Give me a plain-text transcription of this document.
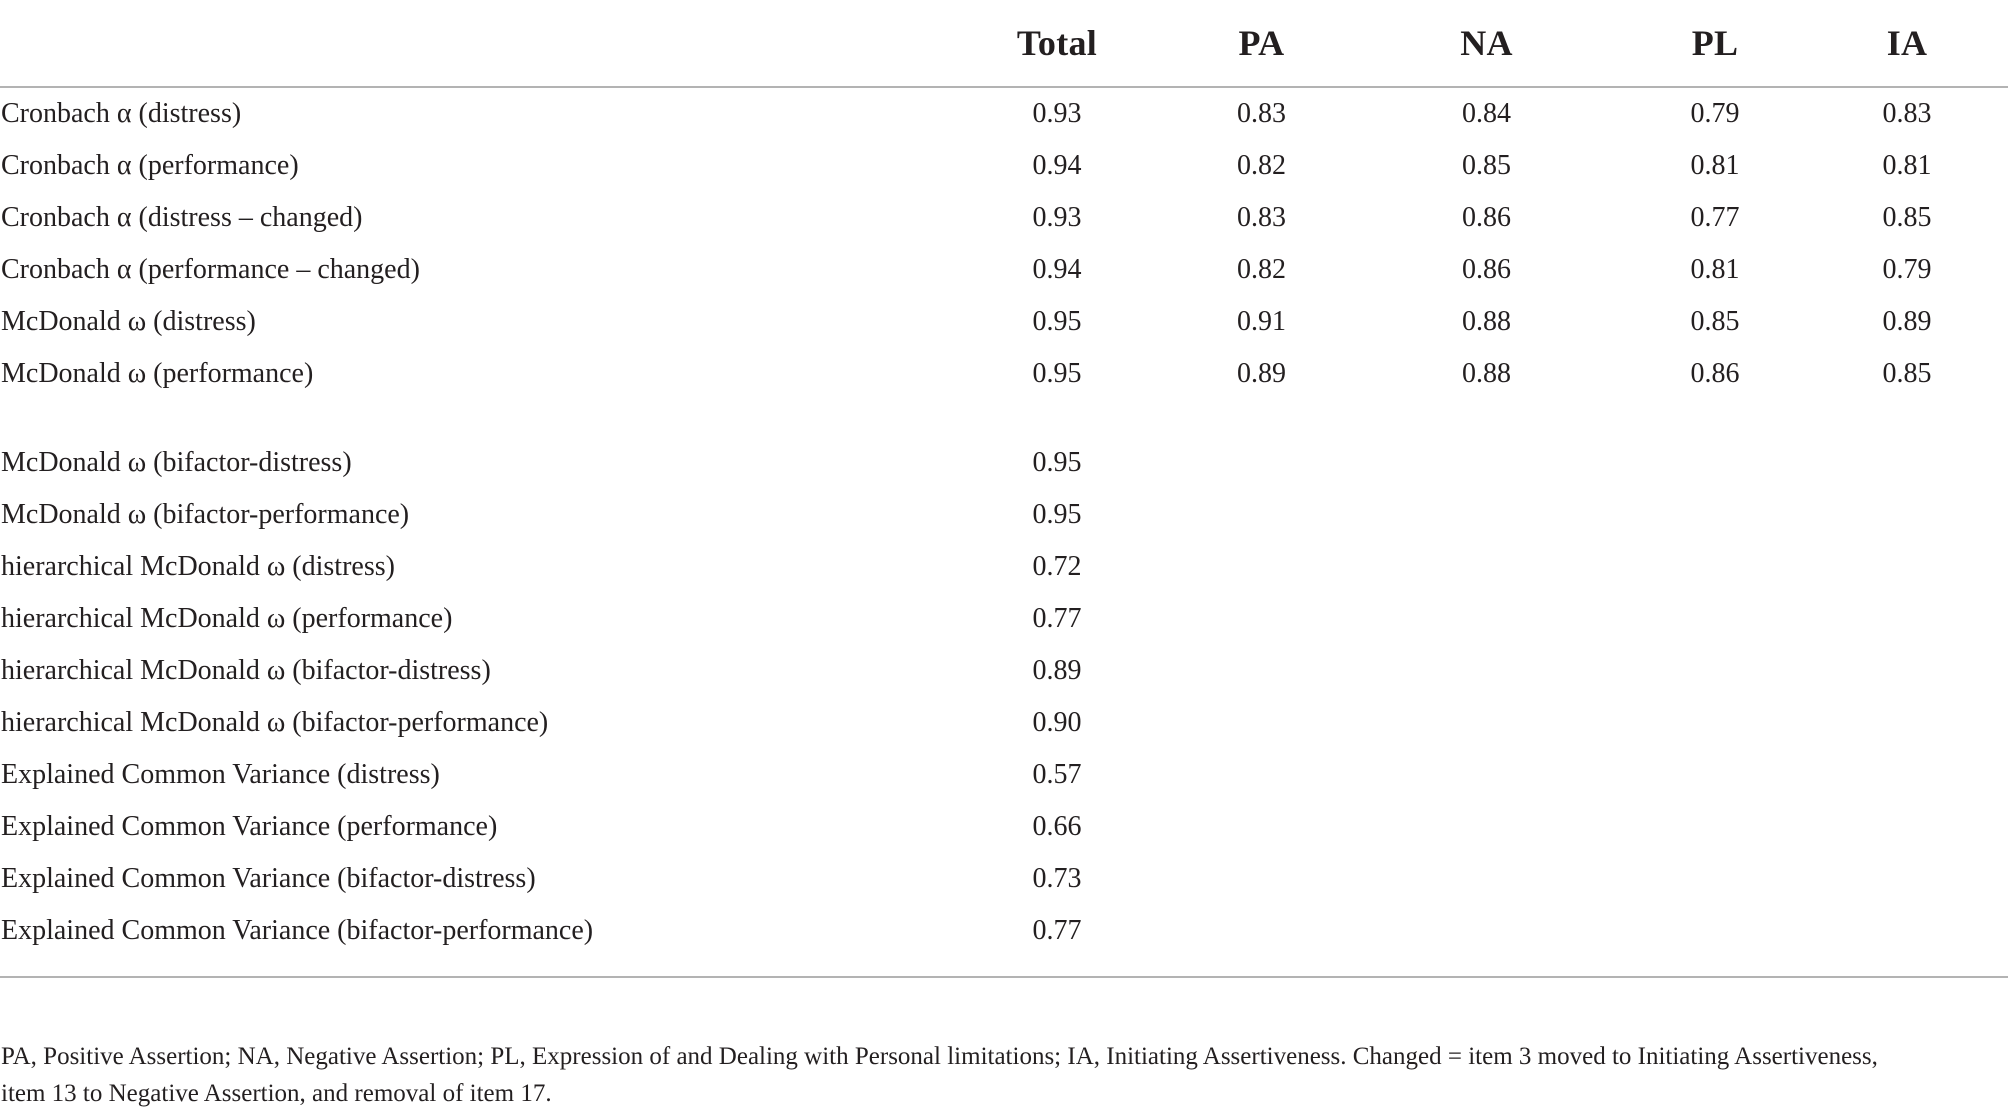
	Total	PA	NA	PL	IA
Cronbach α (distress)	0.93	0.83	0.84	0.79	0.83
Cronbach α (performance)	0.94	0.82	0.85	0.81	0.81
Cronbach α (distress – changed)	0.93	0.83	0.86	0.77	0.85
Cronbach α (performance – changed)	0.94	0.82	0.86	0.81	0.79
McDonald ω (distress)	0.95	0.91	0.88	0.85	0.89
McDonald ω (performance)	0.95	0.89	0.88	0.86	0.85

McDonald ω (bifactor-distress)	0.95				
McDonald ω (bifactor-performance)	0.95				
hierarchical McDonald ω (distress)	0.72				
hierarchical McDonald ω (performance)	0.77				
hierarchical McDonald ω (bifactor-distress)	0.89				
hierarchical McDonald ω (bifactor-performance)	0.90				
Explained Common Variance (distress)	0.57				
Explained Common Variance (performance)	0.66				
Explained Common Variance (bifactor-distress)	0.73				
Explained Common Variance (bifactor-performance)	0.77				
PA, Positive Assertion; NA, Negative Assertion; PL, Expression of and Dealing with Personal limitations; IA, Initiating Assertiveness. Changed = item 3 moved to Initiating Assertiveness,
item 13 to Negative Assertion, and removal of item 17.
